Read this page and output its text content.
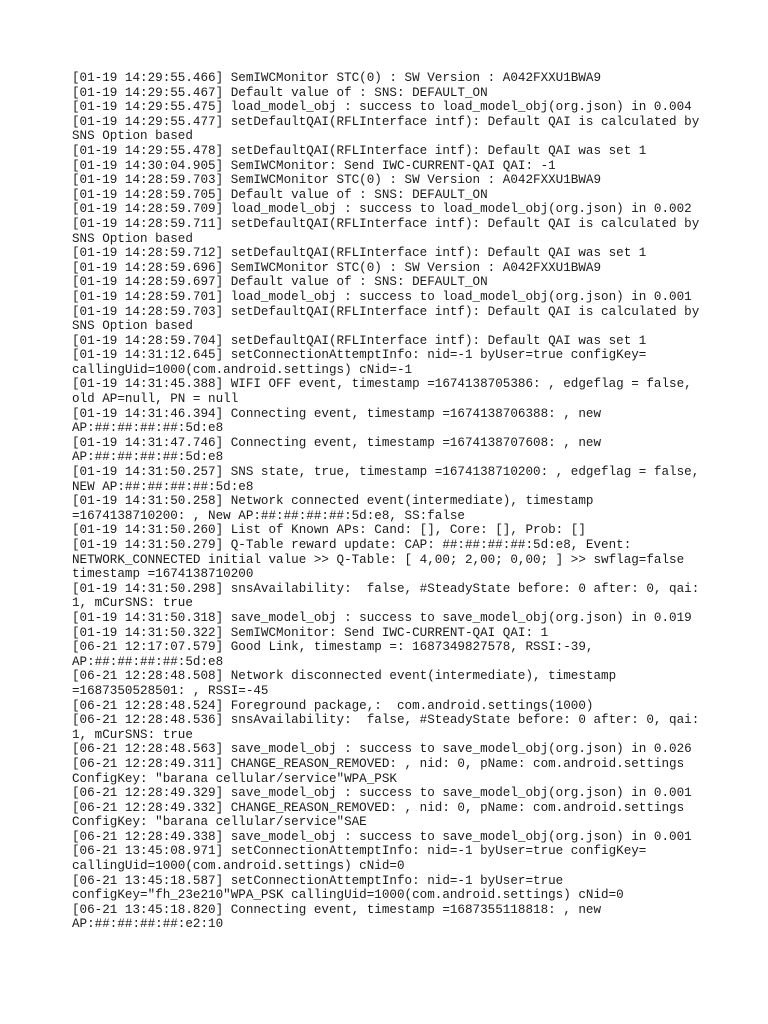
[01-19 14:29:55.466] SemIWCMonitor STC(0) : SW Version : A042FXXU1BWA9
[01-19 14:29:55.467] Default value of : SNS: DEFAULT_ON
[01-19 14:29:55.475] load_model_obj : success to load_model_obj(org.json) in 0.004
[01-19 14:29:55.477] setDefaultQAI(RFLInterface intf): Default QAI is calculated by
SNS Option based
[01-19 14:29:55.478] setDefaultQAI(RFLInterface intf): Default QAI was set 1
[01-19 14:30:04.905] SemIWCMonitor: Send IWC-CURRENT-QAI QAI: -1
[01-19 14:28:59.703] SemIWCMonitor STC(0) : SW Version : A042FXXU1BWA9
[01-19 14:28:59.705] Default value of : SNS: DEFAULT_ON
[01-19 14:28:59.709] load_model_obj : success to load_model_obj(org.json) in 0.002
[01-19 14:28:59.711] setDefaultQAI(RFLInterface intf): Default QAI is calculated by
SNS Option based
[01-19 14:28:59.712] setDefaultQAI(RFLInterface intf): Default QAI was set 1
[01-19 14:28:59.696] SemIWCMonitor STC(0) : SW Version : A042FXXU1BWA9
[01-19 14:28:59.697] Default value of : SNS: DEFAULT_ON
[01-19 14:28:59.701] load_model_obj : success to load_model_obj(org.json) in 0.001
[01-19 14:28:59.703] setDefaultQAI(RFLInterface intf): Default QAI is calculated by
SNS Option based
[01-19 14:28:59.704] setDefaultQAI(RFLInterface intf): Default QAI was set 1
[01-19 14:31:12.645] setConnectionAttemptInfo: nid=-1 byUser=true configKey=
callingUid=1000(com.android.settings) cNid=-1
[01-19 14:31:45.388] WIFI OFF event, timestamp =1674138705386: , edgeflag = false,
old AP=null, PN = null
[01-19 14:31:46.394] Connecting event, timestamp =1674138706388: , new
AP:##:##:##:##:5d:e8
[01-19 14:31:47.746] Connecting event, timestamp =1674138707608: , new
AP:##:##:##:##:5d:e8
[01-19 14:31:50.257] SNS state, true, timestamp =1674138710200: , edgeflag = false,
NEW AP:##:##:##:##:5d:e8
[01-19 14:31:50.258] Network connected event(intermediate), timestamp
=1674138710200: , New AP:##:##:##:##:5d:e8, SS:false
[01-19 14:31:50.260] List of Known APs: Cand: [], Core: [], Prob: []
[01-19 14:31:50.279] Q-Table reward update: CAP: ##:##:##:##:5d:e8, Event:
NETWORK_CONNECTED initial value >> Q-Table: [ 4,00; 2,00; 0,00; ] >> swflag=false
timestamp =1674138710200
[01-19 14:31:50.298] snsAvailability:  false, #SteadyState before: 0 after: 0, qai:
1, mCurSNS: true
[01-19 14:31:50.318] save_model_obj : success to save_model_obj(org.json) in 0.019
[01-19 14:31:50.322] SemIWCMonitor: Send IWC-CURRENT-QAI QAI: 1
[06-21 12:17:07.579] Good Link, timestamp =: 1687349827578, RSSI:-39,
AP:##:##:##:##:5d:e8
[06-21 12:28:48.508] Network disconnected event(intermediate), timestamp
=1687350528501: , RSSI=-45
[06-21 12:28:48.524] Foreground package,:  com.android.settings(1000)
[06-21 12:28:48.536] snsAvailability:  false, #SteadyState before: 0 after: 0, qai:
1, mCurSNS: true
[06-21 12:28:48.563] save_model_obj : success to save_model_obj(org.json) in 0.026
[06-21 12:28:49.311] CHANGE_REASON_REMOVED: , nid: 0, pName: com.android.settings
ConfigKey: "barana cellular/service"WPA_PSK
[06-21 12:28:49.329] save_model_obj : success to save_model_obj(org.json) in 0.001
[06-21 12:28:49.332] CHANGE_REASON_REMOVED: , nid: 0, pName: com.android.settings
ConfigKey: "barana cellular/service"SAE
[06-21 12:28:49.338] save_model_obj : success to save_model_obj(org.json) in 0.001
[06-21 13:45:08.971] setConnectionAttemptInfo: nid=-1 byUser=true configKey=
callingUid=1000(com.android.settings) cNid=0
[06-21 13:45:18.587] setConnectionAttemptInfo: nid=-1 byUser=true
configKey="fh_23e210"WPA_PSK callingUid=1000(com.android.settings) cNid=0
[06-21 13:45:18.820] Connecting event, timestamp =1687355118818: , new
AP:##:##:##:##:e2:10
